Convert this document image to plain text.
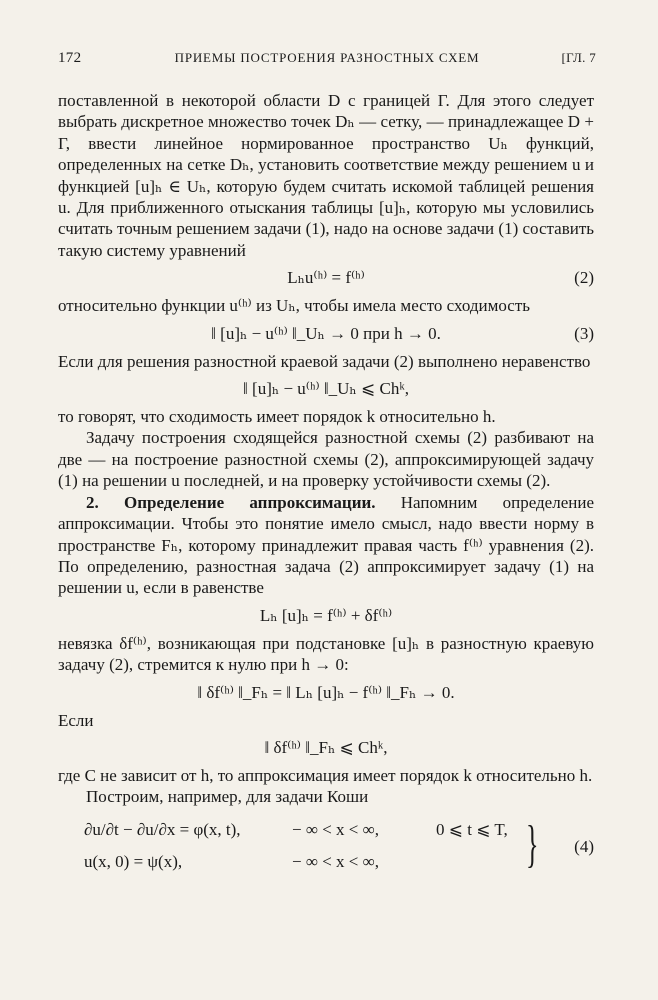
172	ПРИЕМЫ ПОСТРОЕНИЯ РАЗНОСТНЫХ СХЕМ	[ГЛ. 7

поставленной в некоторой области D с границей Γ. Для этого следует выбрать дискретное множество точек Dₕ — сетку, — принадлежащее D + Γ, ввести линейное нормированное пространство Uₕ функций, определенных на сетке Dₕ, установить соответствие между решением u и функцией [u]ₕ ∈ Uₕ, которую будем считать искомой таблицей решения u. Для приближенного отыскания таблицы [u]ₕ, которую мы условились считать точным решением задачи (1), надо на основе задачи (1) составить такую систему уравнений

Lₕu⁽ʰ⁾ = f⁽ʰ⁾	(2)

относительно функции u⁽ʰ⁾ из Uₕ, чтобы имела место сходимость

‖ [u]ₕ − u⁽ʰ⁾ ‖_Uₕ → 0 при h → 0.	(3)

Если для решения разностной краевой задачи (2) выполнено неравенство

‖ [u]ₕ − u⁽ʰ⁾ ‖_Uₕ ⩽ Chᵏ,

то говорят, что сходимость имеет порядок k относительно h.

Задачу построения сходящейся разностной схемы (2) разбивают на две — на построение разностной схемы (2), аппроксимирующей задачу (1) на решении u последней, и на проверку устойчивости схемы (2).

2. Определение аппроксимации. Напомним определение аппроксимации. Чтобы это понятие имело смысл, надо ввести норму в пространстве Fₕ, которому принадлежит правая часть f⁽ʰ⁾ уравнения (2). По определению, разностная задача (2) аппроксимирует задачу (1) на решении u, если в равенстве

Lₕ [u]ₕ = f⁽ʰ⁾ + δf⁽ʰ⁾

невязка δf⁽ʰ⁾, возникающая при подстановке [u]ₕ в разностную краевую задачу (2), стремится к нулю при h → 0:

‖ δf⁽ʰ⁾ ‖_Fₕ = ‖ Lₕ [u]ₕ − f⁽ʰ⁾ ‖_Fₕ → 0.

Если

‖ δf⁽ʰ⁾ ‖_Fₕ ⩽ Chᵏ,

где C не зависит от h, то аппроксимация имеет порядок k относительно h.

Построим, например, для задачи Коши

∂u/∂t − ∂u/∂x = φ(x, t),	− ∞ < x < ∞,	0 ⩽ t ⩽ T,
u(x, 0) = ψ(x),	− ∞ < x < ∞,	} (4)
